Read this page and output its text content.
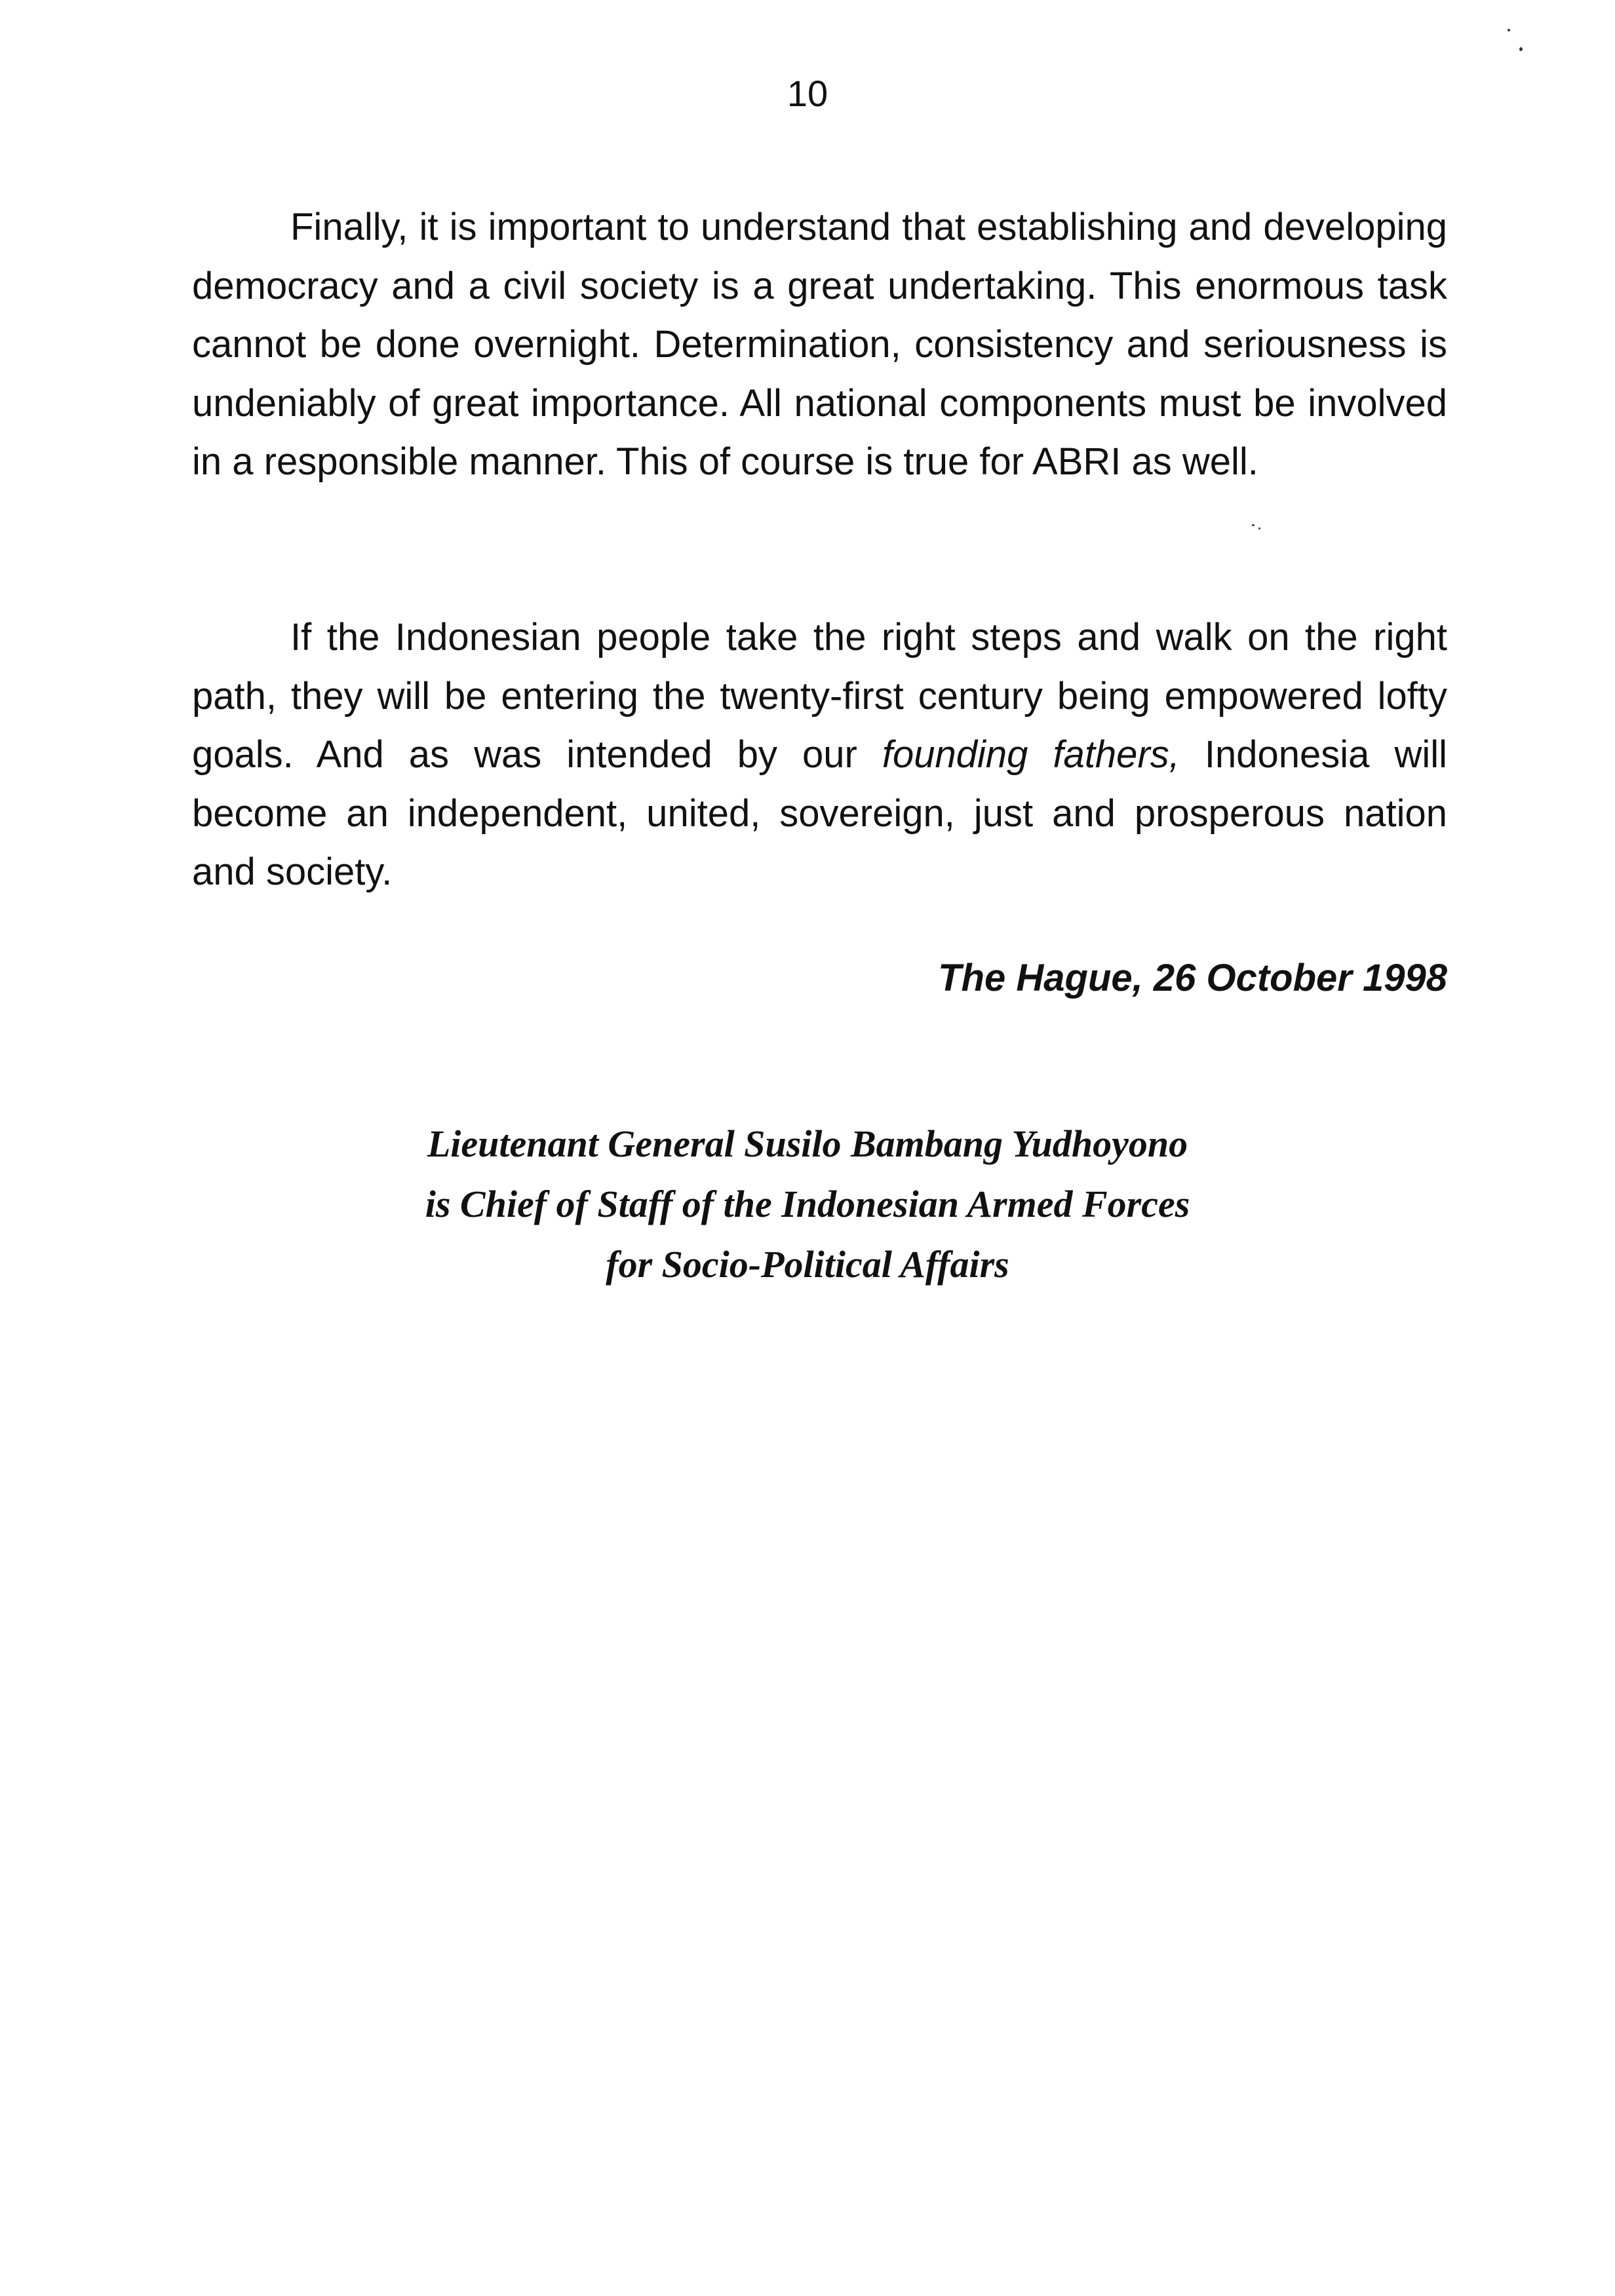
10

Finally, it is important to understand that establishing and developing democracy and a civil society is a great undertaking. This enormous task cannot be done overnight. Determination, consistency and seriousness is undeniably of great importance. All national components must be involved in a responsible manner. This of course is true for ABRI as well.

If the Indonesian people take the right steps and walk on the right path, they will be entering the twenty-first century being empowered lofty goals. And as was intended by our founding fathers, Indonesia will become an independent, united, sovereign, just and prosperous nation and society.

The Hague, 26 October 1998
Lieutenant General Susilo Bambang Yudhoyono
is Chief of Staff of the Indonesian Armed Forces
for Socio-Political Affairs
